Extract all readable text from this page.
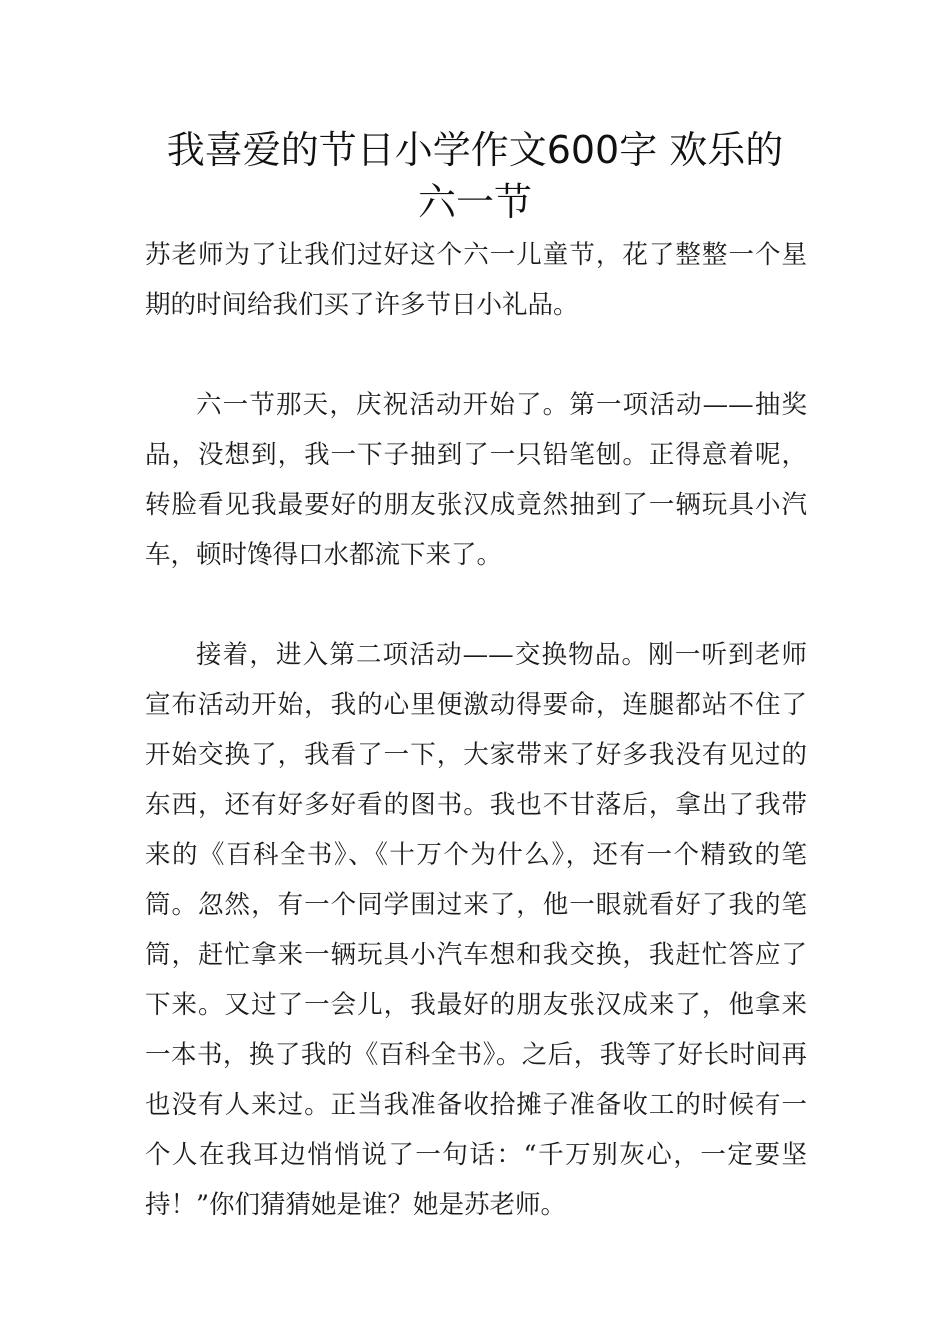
我喜爱的节日小学作文600字 欢乐的
六一节

苏老师为了让我们过好这个六一儿童节，花了整整一个星期的时间给我们买了许多节日小礼品。

六一节那天，庆祝活动开始了。第一项活动——抽奖品，没想到，我一下子抽到了一只铅笔刨。正得意着呢，转脸看见我最要好的朋友张汉成竟然抽到了一辆玩具小汽车，顿时馋得口水都流下来了。

接着，进入第二项活动——交换物品。刚一听到老师宣布活动开始，我的心里便激动得要命，连腿都站不住了开始交换了，我看了一下，大家带来了好多我没有见过的东西，还有好多好看的图书。我也不甘落后，拿出了我带来的《百科全书》、《十万个为什么》，还有一个精致的笔筒。忽然，有一个同学围过来了，他一眼就看好了我的笔筒，赶忙拿来一辆玩具小汽车想和我交换，我赶忙答应了下来。又过了一会儿，我最好的朋友张汉成来了，他拿来一本书，换了我的《百科全书》。之后，我等了好长时间再也没有人来过。正当我准备收拾摊子准备收工的时候有一个人在我耳边悄悄说了一句话：“千万别灰心，一定要坚持！”你们猜猜她是谁？她是苏老师。
